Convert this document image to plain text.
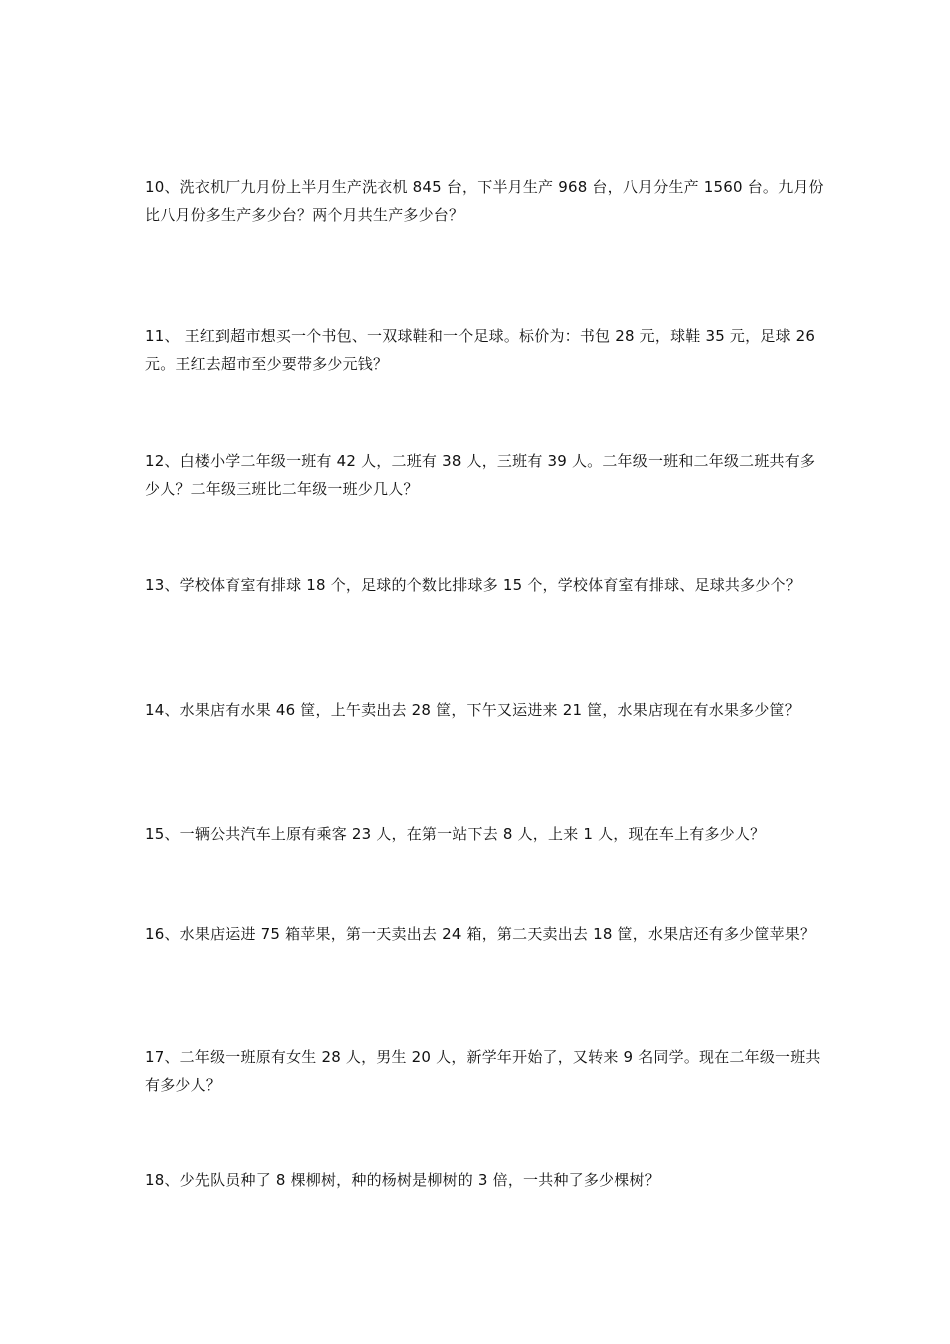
10、洗衣机厂九月份上半月生产洗衣机 845 台，下半月生产 968 台，八月分生产 1560 台。九月份比八月份多生产多少台？两个月共生产多少台？

11、 王红到超市想买一个书包、一双球鞋和一个足球。标价为：书包 28 元，球鞋 35 元，足球 26 元。王红去超市至少要带多少元钱？

12、白楼小学二年级一班有 42 人，二班有 38 人，三班有 39 人。二年级一班和二年级二班共有多少人？二年级三班比二年级一班少几人？

13、学校体育室有排球 18 个，足球的个数比排球多 15 个，学校体育室有排球、足球共多少个？

14、水果店有水果 46 筐，上午卖出去 28 筐，下午又运进来 21 筐，水果店现在有水果多少筐？

15、一辆公共汽车上原有乘客 23 人，在第一站下去 8 人，上来 1 人，现在车上有多少人？

16、水果店运进 75 箱苹果，第一天卖出去 24 箱，第二天卖出去 18 筐，水果店还有多少筐苹果？

17、二年级一班原有女生 28 人，男生 20 人，新学年开始了，又转来 9 名同学。现在二年级一班共有多少人？

18、少先队员种了 8 棵柳树，种的杨树是柳树的 3 倍，一共种了多少棵树？
